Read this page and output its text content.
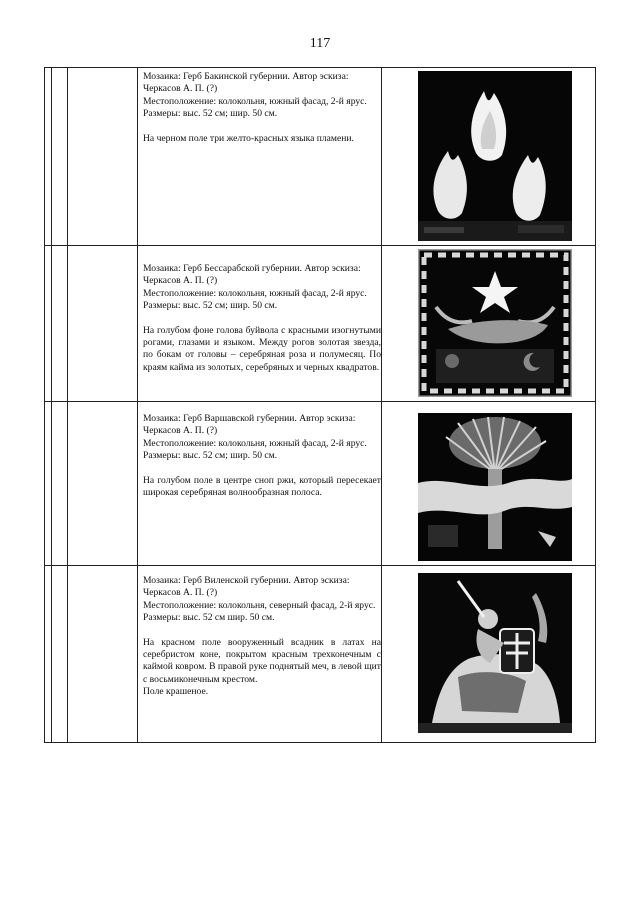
117

Мозаика: Герб Бакинской губернии. Автор эскиза: Черкасов А. П. (?)

Местоположение: колокольня, южный фасад, 2-й ярус.

Размеры: выс. 52 см; шир. 50 см.

На черном поле три желто-красных языка пламени.

Мозаика: Герб Бессарабской губернии. Автор эскиза: Черкасов А. П. (?)

Местоположение: колокольня, южный фасад, 2-й ярус.

Размеры: выс. 52 см; шир. 50 см.

На голубом фоне голова буйвола с красными изогнутыми рогами, глазами и языком. Между рогов золотая звезда, по бокам от головы – серебряная роза и полумесяц. По краям кайма из золотых, серебряных и черных квадратов.

Мозаика: Герб Варшавской губернии. Автор эскиза: Черкасов А. П. (?)

Местоположение: колокольня, южный фасад, 2-й ярус.

Размеры: выс. 52 см; шир. 50 см.

На голубом поле в центре сноп ржи, который пересекает широкая серебряная волнообразная полоса.

Мозаика: Герб Виленской губернии. Автор эскиза: Черкасов А. П. (?)

Местоположение: колокольня, северный фасад, 2-й ярус.

Размеры: выс. 52 см шир. 50 см.

На красном поле вооруженный всадник в латах на серебристом коне, покрытом красным трехконечным с каймой ковром. В правой руке поднятый меч, в левой щит с восьмиконечным крестом.

Поле крашеное.
